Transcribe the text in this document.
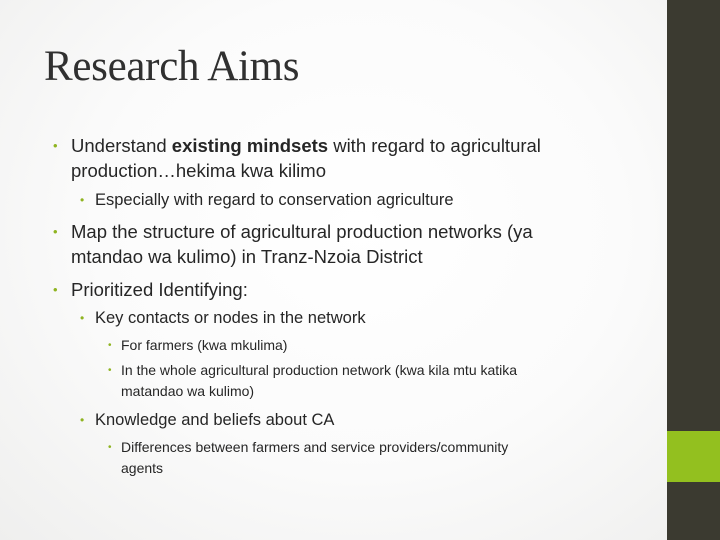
Research Aims
• Understand existing mindsets with regard to agricultural
production…hekima kwa kilimo
• Especially with regard to conservation agriculture
• Map the structure of agricultural production networks (ya
mtandao wa kulimo) in Tranz-Nzoia District
• Prioritized Identifying:
• Key contacts or nodes in the network
• For farmers (kwa mkulima)
• In the whole agricultural production network (kwa kila mtu katika
matandao wa kulimo)
• Knowledge and beliefs about CA
• Differences between farmers and service providers/community
agents
